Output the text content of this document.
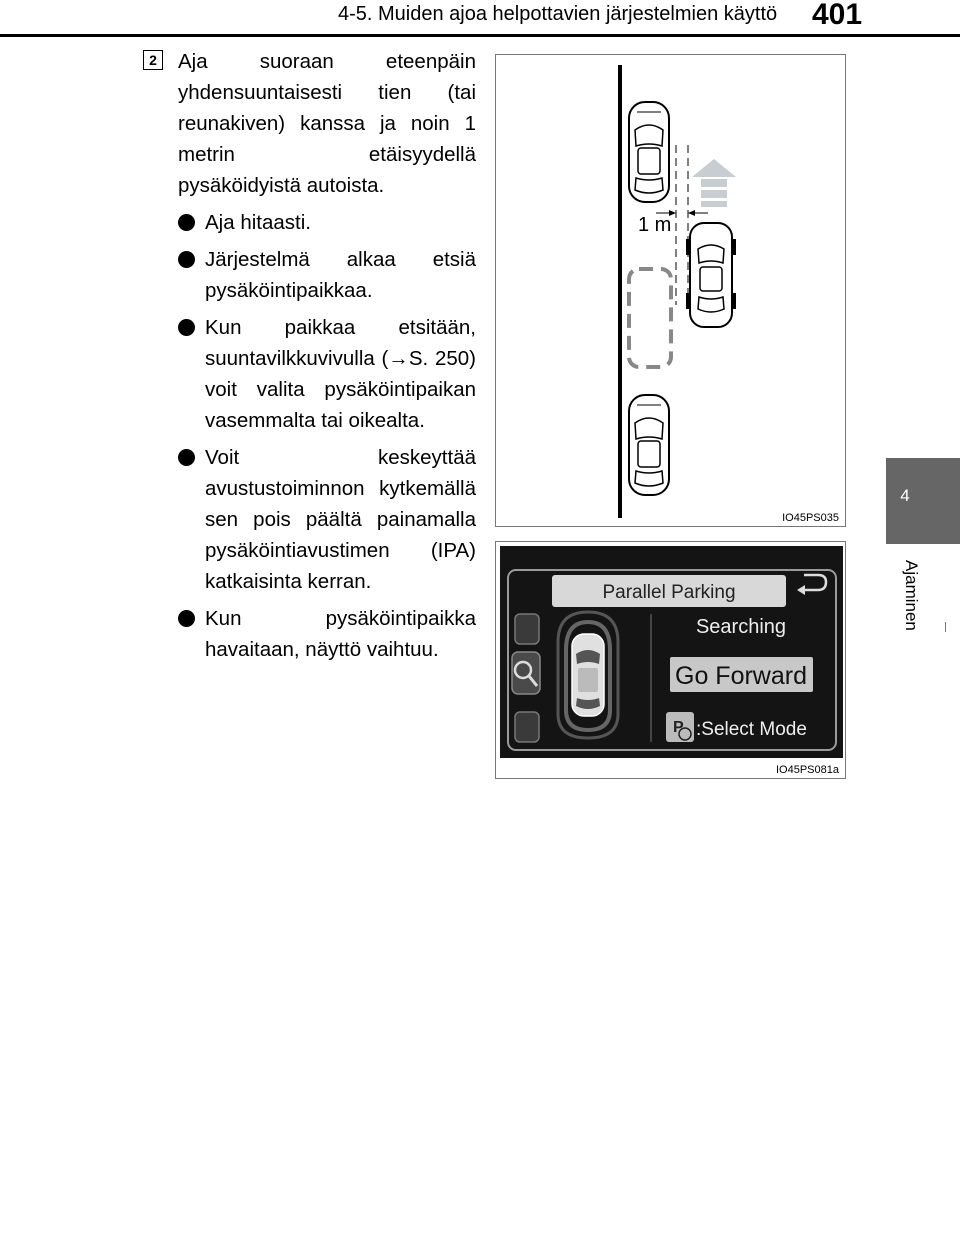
4-5. Muiden ajoa helpottavien järjestelmien käyttö 401
4
Ajaminen
2 Aja suoraan eteenpäin yhdensuuntaisesti tien (tai reunakiven) kanssa ja noin 1 metrin etäisyydellä pysäköidyistä autoista.

Aja hitaasti.
Järjestelmä alkaa etsiä pysäköintipaikkaa.
Kun paikkaa etsitään, suuntavilkkuvivulla (→S. 250) voit valita pysäköintipaikan vasemmalta tai oikealta.
Voit keskeyttää avustustoiminnon kytkemällä sen pois päältä painamalla pysäköintiavustimen (IPA) katkaisinta kerran.
Kun pysäköintipaikka havaitaan, näyttö vaihtuu.
1 m
IO45PS035
Parallel Parking
Searching
Go Forward
P :Select Mode
IO45PS081a
